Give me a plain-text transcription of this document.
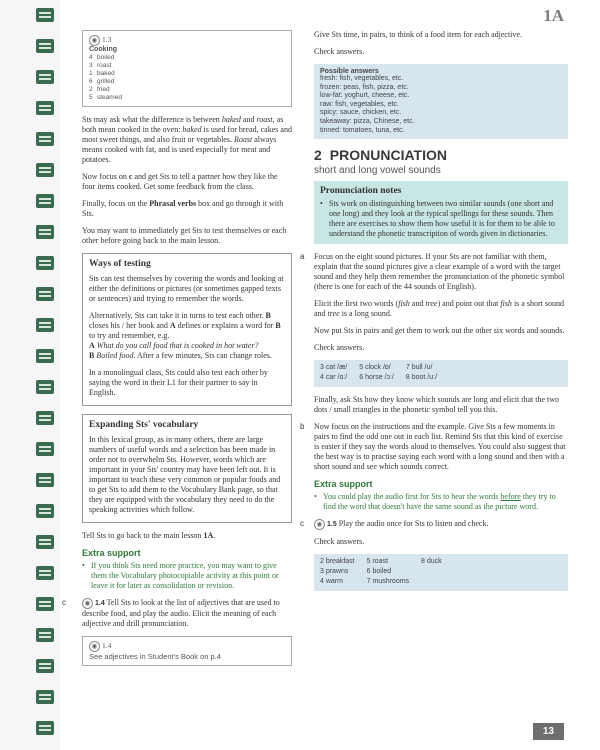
1A
◉ 1.3
Cooking
4 boiled
3 roast
1 baked
6 grilled
2 fried
5 steamed

Sts may ask what the difference is between baked and roast, as both mean cooked in the oven: baked is used for bread, cakes and most sweet things, and also fruit or vegetables. Roast always means cooked with fat, and is used especially for meat and potatoes.

Now focus on c and get Sts to tell a partner how they like the four items cooked. Get some feedback from the class.

Finally, focus on the Phrasal verbs box and go through it with Sts.

You may want to immediately get Sts to test themselves or each other before going back to the main lesson.

Ways of testing

Sts can test themselves by covering the words and looking at either the definitions or pictures (or sometimes gapped texts or sentences) and trying to remember the words.

Alternatively, Sts can take it in turns to test each other. B closes his / her book and A defines or explains a word for B to try and remember, e.g.
A What do you call food that is cooked in hot water?
B Boiled food. After a few minutes, Sts can change roles.

In a monolingual class, Sts could also test each other by saying the word in their L1 for their partner to say in English.

Expanding Sts' vocabulary

In this lexical group, as in many others, there are large numbers of useful words and a selection has been made in order not to overwhelm Sts. However, words which are important in your Sts' country may have been left out. It is important to teach these very common or popular foods and to get Sts to add them to the Vocabulary Bank page, so that they are equipped with the vocabulary they need to do the speaking activities which follow.

Tell Sts to go back to the main lesson 1A.

Extra support

• If you think Sts need more practice, you may want to give them the Vocabulary photocopiable activity at this point or leave it for later as consolidation or revision.

c	◉ 1.4 Tell Sts to look at the list of adjectives that are used to describe food, and play the audio. Elicit the meaning of each adjective and drill pronunciation.

◉ 1.4
See adjectives in Student's Book on p.4

Give Sts time, in pairs, to think of a food item for each adjective.

Check answers.

Possible answers
fresh: fish, vegetables, etc.
frozen: peas, fish, pizza, etc.
low-fat: yoghurt, cheese, etc.
raw: fish, vegetables, etc.
spicy: sauce, chicken, etc.
takeaway: pizza, Chinese, etc.
tinned: tomatoes, tuna, etc.
2 PRONUNCIATION
short and long vowel sounds
Pronunciation notes

• Sts work on distinguishing between two similar sounds (one short and one long) and they look at the typical spellings for these sounds. Then there are exercises to show them how useful it is for them to be able to understand the phonetic transcription of words given in dictionaries.

a Focus on the eight sound pictures. If your Sts are not familiar with them, explain that the sound pictures give a clear example of a word with the target sound and they help them remember the pronunciation of the phonetic symbol (there is one for each of the 44 sounds of English).

Elicit the first two words (fish and tree) and point out that fish is a short sound and tree is a long sound.

Now put Sts in pairs and get them to work out the other six words and sounds.

Check answers.

3 cat /æ/	5 clock /ɒ/	7 bull /ʊ/
4 car /ɑː/	6 horse /ɔː/	8 boot /uː/

Finally, ask Sts how they know which sounds are long and elicit that the two dots / small triangles in the phonetic symbol tell you this.

b Now focus on the instructions and the example. Give Sts a few moments in pairs to find the odd one out in each list. Remind Sts that this kind of exercise is easier if they say the words aloud to themselves. You could also suggest that the best way is to practise saying each word with a long sound and then with a short sound and see which sounds correct.

Extra support

• You could play the audio first for Sts to hear the words before they try to find the word that doesn't have the same sound as the picture word.

c ◉ 1.5 Play the audio once for Sts to listen and check.

Check answers.

2 breakfast	5 roast	8 duck
3 prawns	6 boiled	
4 warm	7 mushrooms	
13
